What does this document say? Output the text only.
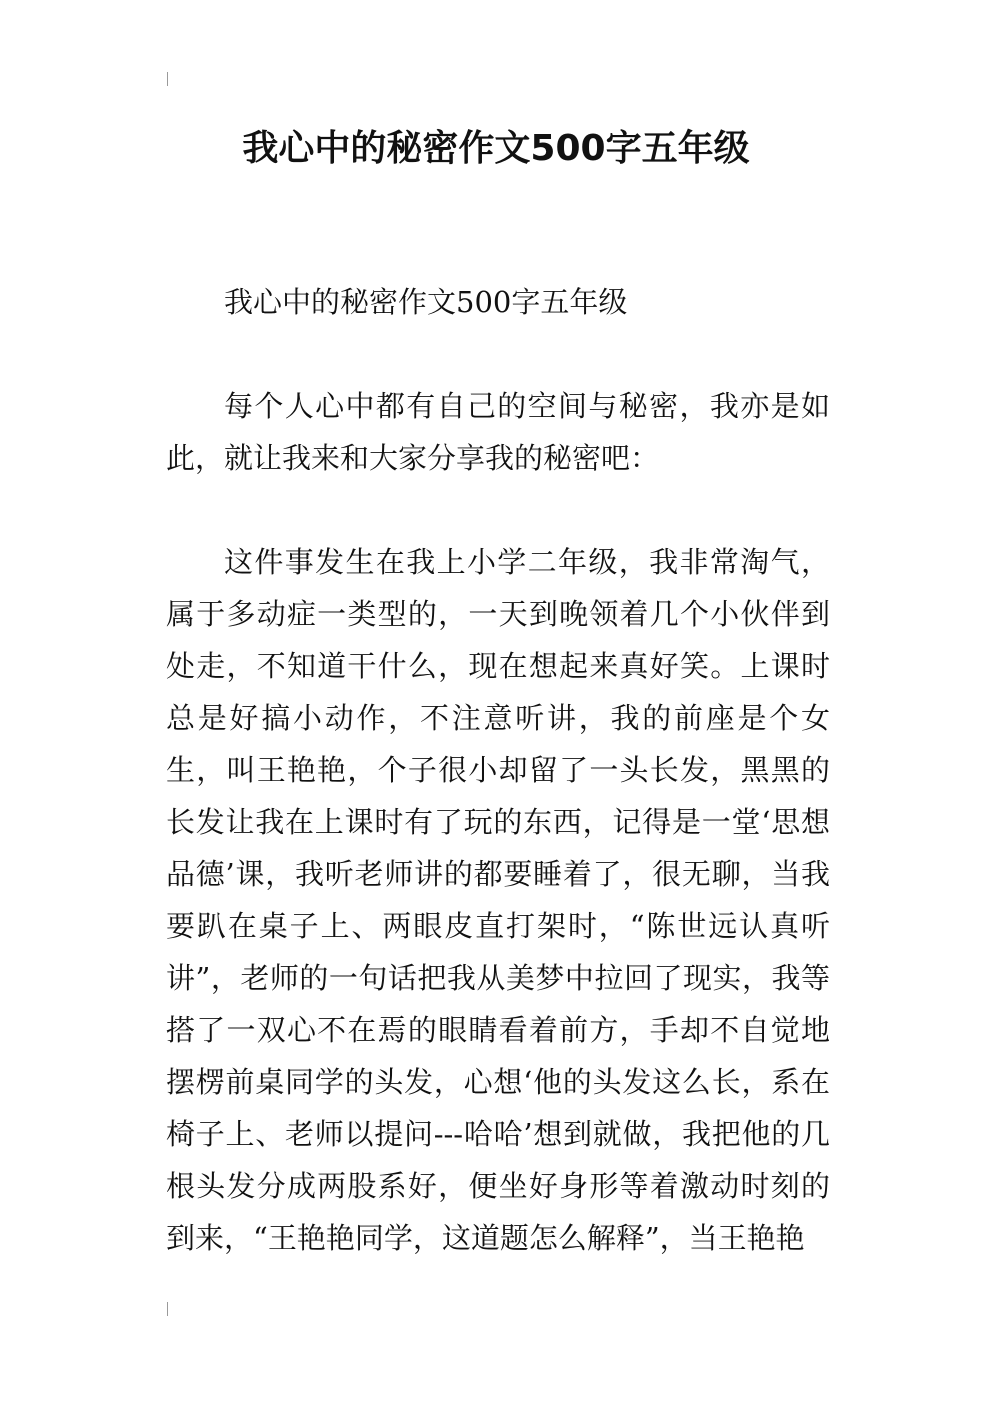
我心中的秘密作文500字五年级

我心中的秘密作文500字五年级

每个人心中都有自己的空间与秘密，我亦是如此，就让我来和大家分享我的秘密吧：

这件事发生在我上小学二年级，我非常淘气，属于多动症一类型的，一天到晚领着几个小伙伴到处走，不知道干什么，现在想起来真好笑。上课时总是好搞小动作，不注意听讲，我的前座是个女生，叫王艳艳，个子很小却留了一头长发，黑黑的长发让我在上课时有了玩的东西，记得是一堂‘思想品德’课，我听老师讲的都要睡着了，很无聊，当我要趴在桌子上、两眼皮直打架时，“陈世远认真听讲”，老师的一句话把我从美梦中拉回了现实，我等搭了一双心不在焉的眼睛看着前方，手却不自觉地摆楞前桌同学的头发，心想‘他的头发这么长，系在椅子上、老师以提问---哈哈’想到就做，我把他的几根头发分成两股系好，便坐好身形等着激动时刻的到来，“王艳艳同学，这道题怎么解释”，当王艳艳
